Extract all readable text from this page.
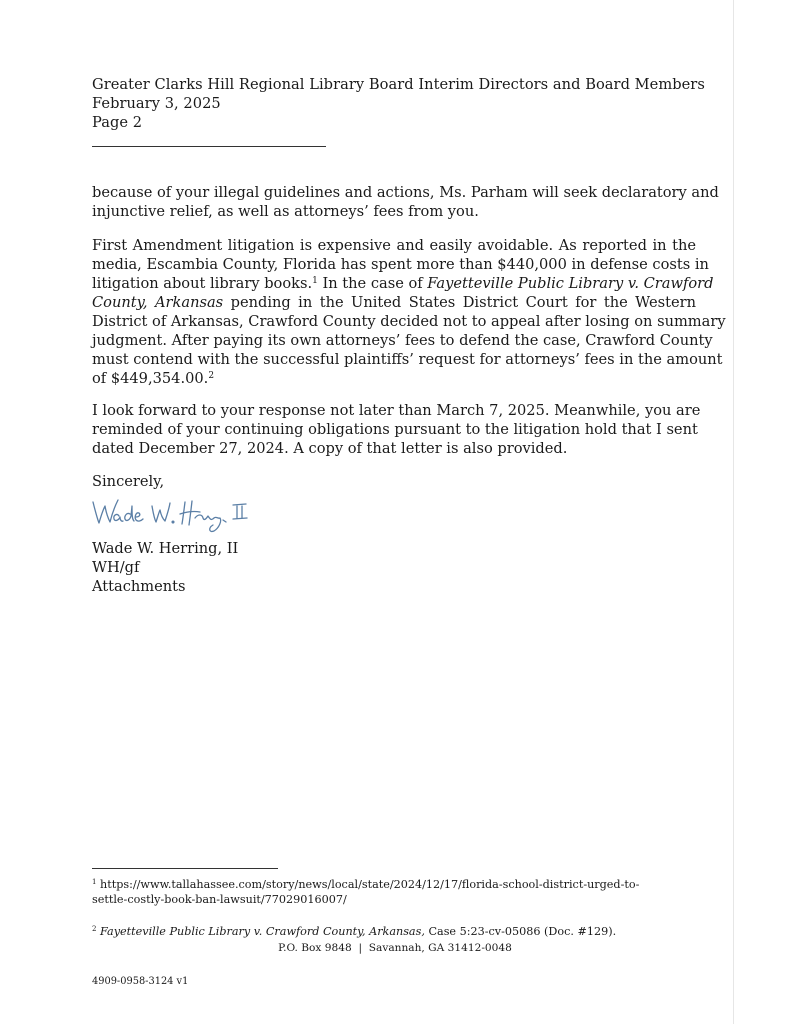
Greater Clarks Hill Regional Library Board Interim Directors and Board Members
February 3, 2025
Page 2
because of your illegal guidelines and actions, Ms. Parham will seek declaratory and
injunctive relief, as well as attorneys’ fees from you.
First Amendment litigation is expensive and easily avoidable. As reported in the
media, Escambia County, Florida has spent more than $440,000 in defense costs in
litigation about library books.$^1$ In the case of Fayetteville Public Library v. Crawford
County, Arkansas pending in the United States District Court for the Western
District of Arkansas, Crawford County decided not to appeal after losing on summary
judgment. After paying its own attorneys’ fees to defend the case, Crawford County
must contend with the successful plaintiffs’ request for attorneys’ fees in the amount
of $449,354.00.$^2$
I look forward to your response not later than March 7, 2025. Meanwhile, you are
reminded of your continuing obligations pursuant to the litigation hold that I sent
dated December 27, 2024. A copy of that letter is also provided.
Sincerely,
Wade W. Herring, II
WH/gf
Attachments
$^1$ https://www.tallahassee.com/story/news/local/state/2024/12/17/florida-school-district-urged-to-
settle-costly-book-ban-lawsuit/77029016007/
$^2$ Fayetteville Public Library v. Crawford County, Arkansas, Case 5:23-cv-05086 (Doc. #129).
P.O. Box 9848  |  Savannah, GA 31412-0048
4909-0958-3124 v1
